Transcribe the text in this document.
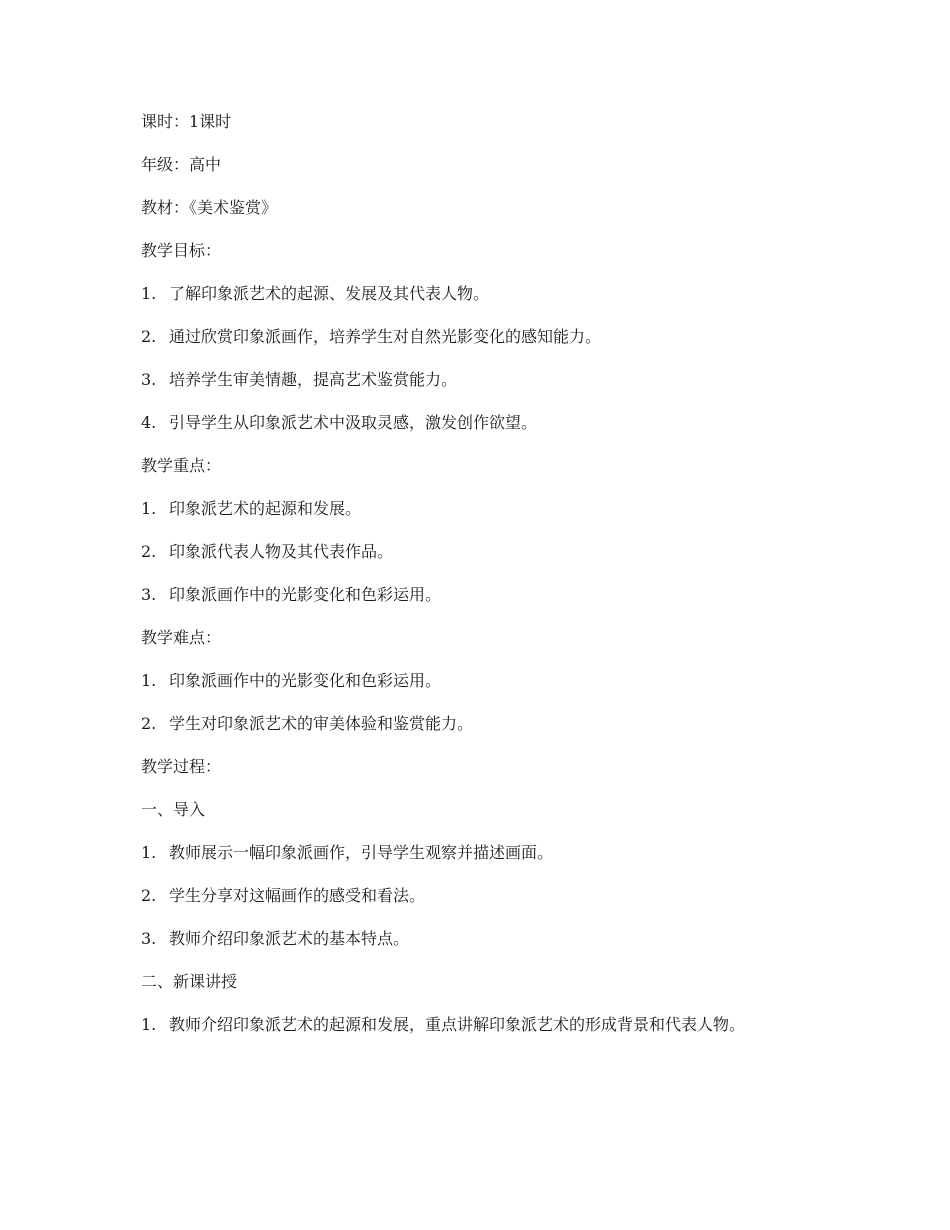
课时：1课时

年级：高中

教材：《美术鉴赏》

教学目标：

1. 了解印象派艺术的起源、发展及其代表人物。

2. 通过欣赏印象派画作，培养学生对自然光影变化的感知能力。

3. 培养学生审美情趣，提高艺术鉴赏能力。

4. 引导学生从印象派艺术中汲取灵感，激发创作欲望。

教学重点：

1. 印象派艺术的起源和发展。

2. 印象派代表人物及其代表作品。

3. 印象派画作中的光影变化和色彩运用。

教学难点：

1. 印象派画作中的光影变化和色彩运用。

2. 学生对印象派艺术的审美体验和鉴赏能力。

教学过程：

一、导入

1. 教师展示一幅印象派画作，引导学生观察并描述画面。

2. 学生分享对这幅画作的感受和看法。

3. 教师介绍印象派艺术的基本特点。

二、新课讲授

1. 教师介绍印象派艺术的起源和发展，重点讲解印象派艺术的形成背景和代表人物。
